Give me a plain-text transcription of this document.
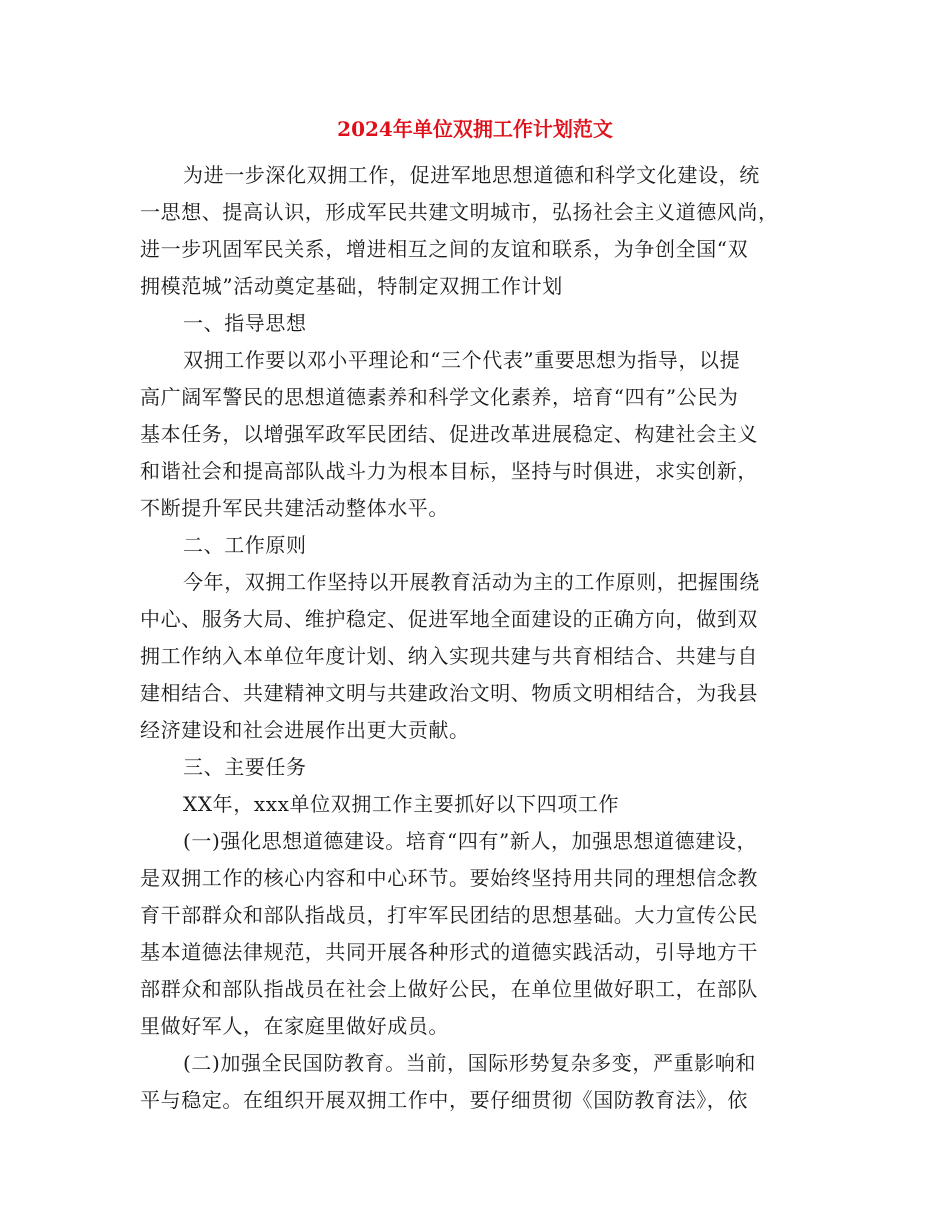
2024年单位双拥工作计划范文
为进一步深化双拥工作，促进军地思想道德和科学文化建设，统
一思想、提高认识，形成军民共建文明城市，弘扬社会主义道德风尚，
进一步巩固军民关系，增进相互之间的友谊和联系，为争创全国“双
拥模范城”活动奠定基础，特制定双拥工作计划
一、指导思想
双拥工作要以邓小平理论和“三个代表”重要思想为指导，以提
高广阔军警民的思想道德素养和科学文化素养，培育“四有”公民为
基本任务，以增强军政军民团结、促进改革进展稳定、构建社会主义
和谐社会和提高部队战斗力为根本目标，坚持与时俱进，求实创新，
不断提升军民共建活动整体水平。
二、工作原则
今年，双拥工作坚持以开展教育活动为主的工作原则，把握围绕
中心、服务大局、维护稳定、促进军地全面建设的正确方向，做到双
拥工作纳入本单位年度计划、纳入实现共建与共育相结合、共建与自
建相结合、共建精神文明与共建政治文明、物质文明相结合，为我县
经济建设和社会进展作出更大贡献。
三、主要任务
XX年，xxx单位双拥工作主要抓好以下四项工作
(一)强化思想道德建设。培育“四有”新人，加强思想道德建设，
是双拥工作的核心内容和中心环节。要始终坚持用共同的理想信念教
育干部群众和部队指战员，打牢军民团结的思想基础。大力宣传公民
基本道德法律规范，共同开展各种形式的道德实践活动，引导地方干
部群众和部队指战员在社会上做好公民，在单位里做好职工，在部队
里做好军人，在家庭里做好成员。
(二)加强全民国防教育。当前，国际形势复杂多变，严重影响和
平与稳定。在组织开展双拥工作中，要仔细贯彻《国防教育法》，依
